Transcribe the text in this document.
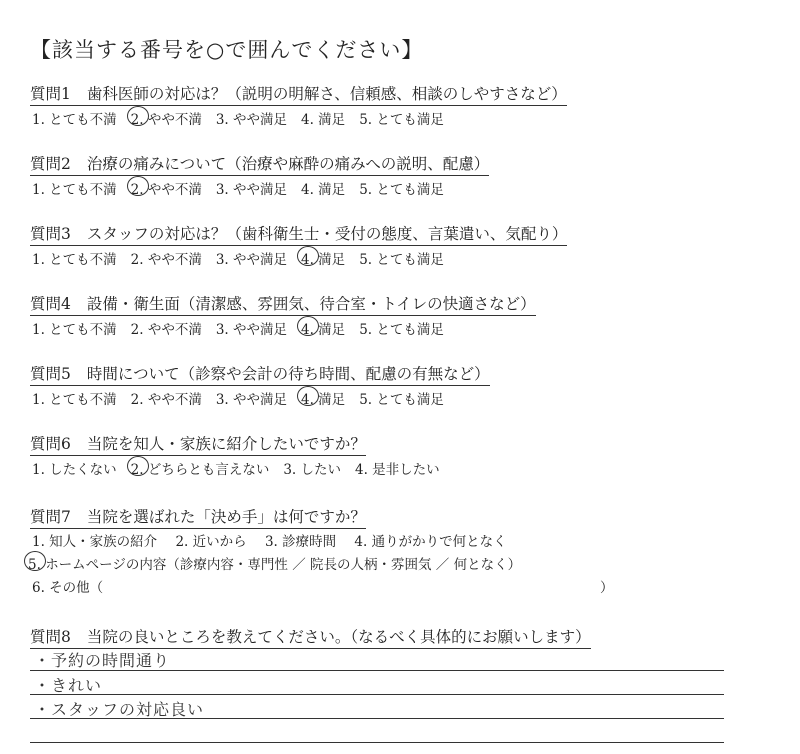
【該当する番号を○で囲んでください】
質問1 歯科医師の対応は？（説明の明解さ、信頼感、相談のしやすさなど）
1. とても不満 2. やや不満 3. やや満足 4. 満足 5. とても満足
質問2 治療の痛みについて（治療や麻酔の痛みへの説明、配慮）
1. とても不満 2. やや不満 3. やや満足 4. 満足 5. とても満足
質問3 スタッフの対応は？（歯科衛生士・受付の態度、言葉遣い、気配り）
1. とても不満 2. やや不満 3. やや満足 4. 満足 5. とても満足
質問4 設備・衛生面（清潔感、雰囲気、待合室・トイレの快適さなど）
1. とても不満 2. やや不満 3. やや満足 4. 満足 5. とても満足
質問5 時間について（診察や会計の待ち時間、配慮の有無など）
1. とても不満 2. やや不満 3. やや満足 4. 満足 5. とても満足
質問6 当院を知人・家族に紹介したいですか？
1. したくない 2. どちらとも言えない 3. したい 4. 是非したい
質問7 当院を選ばれた「決め手」は何ですか？
1. 知人・家族の紹介 2. 近いから 3. 診療時間 4. 通りがかりで何となく
5. ホームページの内容（診療内容・専門性 ／ 院長の人柄・雰囲気 ／ 何となく）
6. その他（	）
質問8 当院の良いところを教えてください。（なるべく具体的にお願いします）
・予約の時間通り
・きれい
・スタッフの対応良い
